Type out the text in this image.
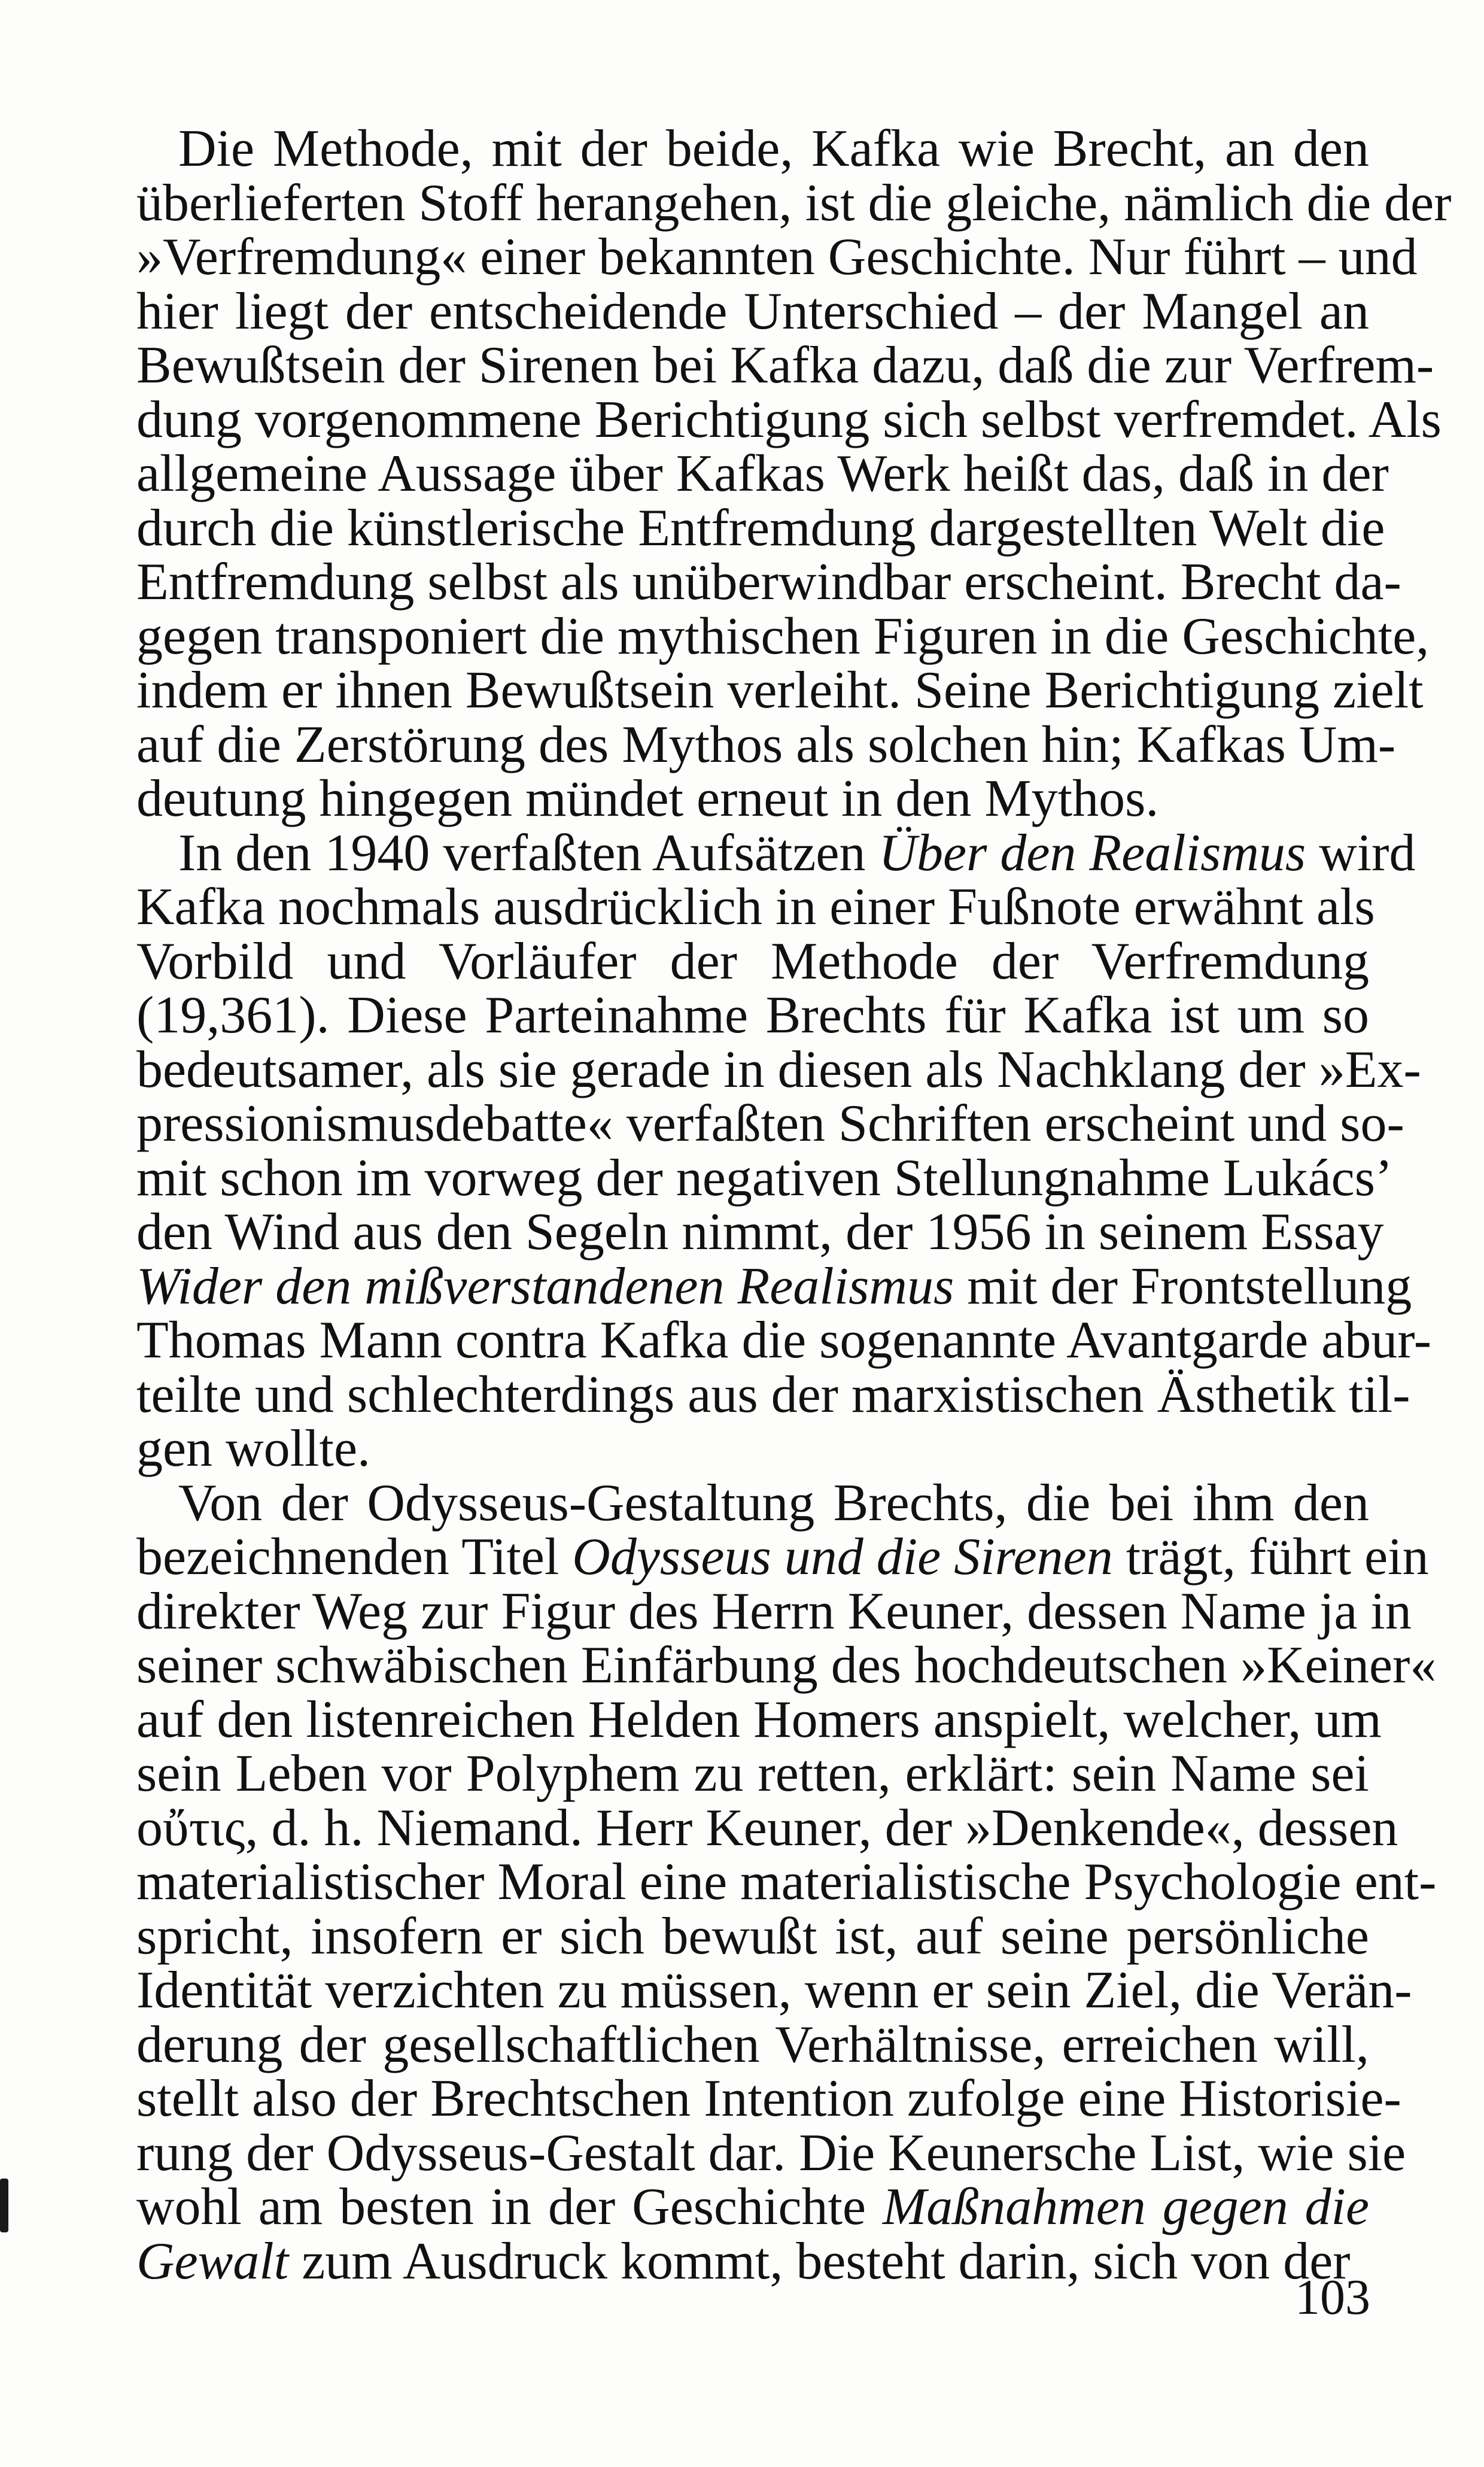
Die Methode, mit der beide, Kafka wie Brecht, an den
überlieferten Stoff herangehen, ist die gleiche, nämlich die der
»Verfremdung« einer bekannten Geschichte. Nur führt – und
hier liegt der entscheidende Unterschied – der Mangel an
Bewußtsein der Sirenen bei Kafka dazu, daß die zur Verfrem-
dung vorgenommene Berichtigung sich selbst verfremdet. Als
allgemeine Aussage über Kafkas Werk heißt das, daß in der
durch die künstlerische Entfremdung dargestellten Welt die
Entfremdung selbst als unüberwindbar erscheint. Brecht da-
gegen transponiert die mythischen Figuren in die Geschichte,
indem er ihnen Bewußtsein verleiht. Seine Berichtigung zielt
auf die Zerstörung des Mythos als solchen hin; Kafkas Um-
deutung hingegen mündet erneut in den Mythos.
In den 1940 verfaßten Aufsätzen Über den Realismus wird
Kafka nochmals ausdrücklich in einer Fußnote erwähnt als
Vorbild und Vorläufer der Methode der Verfremdung
(19,361). Diese Parteinahme Brechts für Kafka ist um so
bedeutsamer, als sie gerade in diesen als Nachklang der »Ex-
pressionismusdebatte« verfaßten Schriften erscheint und so-
mit schon im vorweg der negativen Stellungnahme Lukács’
den Wind aus den Segeln nimmt, der 1956 in seinem Essay
Wider den mißverstandenen Realismus mit der Frontstellung
Thomas Mann contra Kafka die sogenannte Avantgarde abur-
teilte und schlechterdings aus der marxistischen Ästhetik til-
gen wollte.
Von der Odysseus-Gestaltung Brechts, die bei ihm den
bezeichnenden Titel Odysseus und die Sirenen trägt, führt ein
direkter Weg zur Figur des Herrn Keuner, dessen Name ja in
seiner schwäbischen Einfärbung des hochdeutschen »Keiner«
auf den listenreichen Helden Homers anspielt, welcher, um
sein Leben vor Polyphem zu retten, erklärt: sein Name sei
οὔτις, d. h. Niemand. Herr Keuner, der »Denkende«, dessen
materialistischer Moral eine materialistische Psychologie ent-
spricht, insofern er sich bewußt ist, auf seine persönliche
Identität verzichten zu müssen, wenn er sein Ziel, die Verän-
derung der gesellschaftlichen Verhältnisse, erreichen will,
stellt also der Brechtschen Intention zufolge eine Historisie-
rung der Odysseus-Gestalt dar. Die Keunersche List, wie sie
wohl am besten in der Geschichte Maßnahmen gegen die
Gewalt zum Ausdruck kommt, besteht darin, sich von der
103
